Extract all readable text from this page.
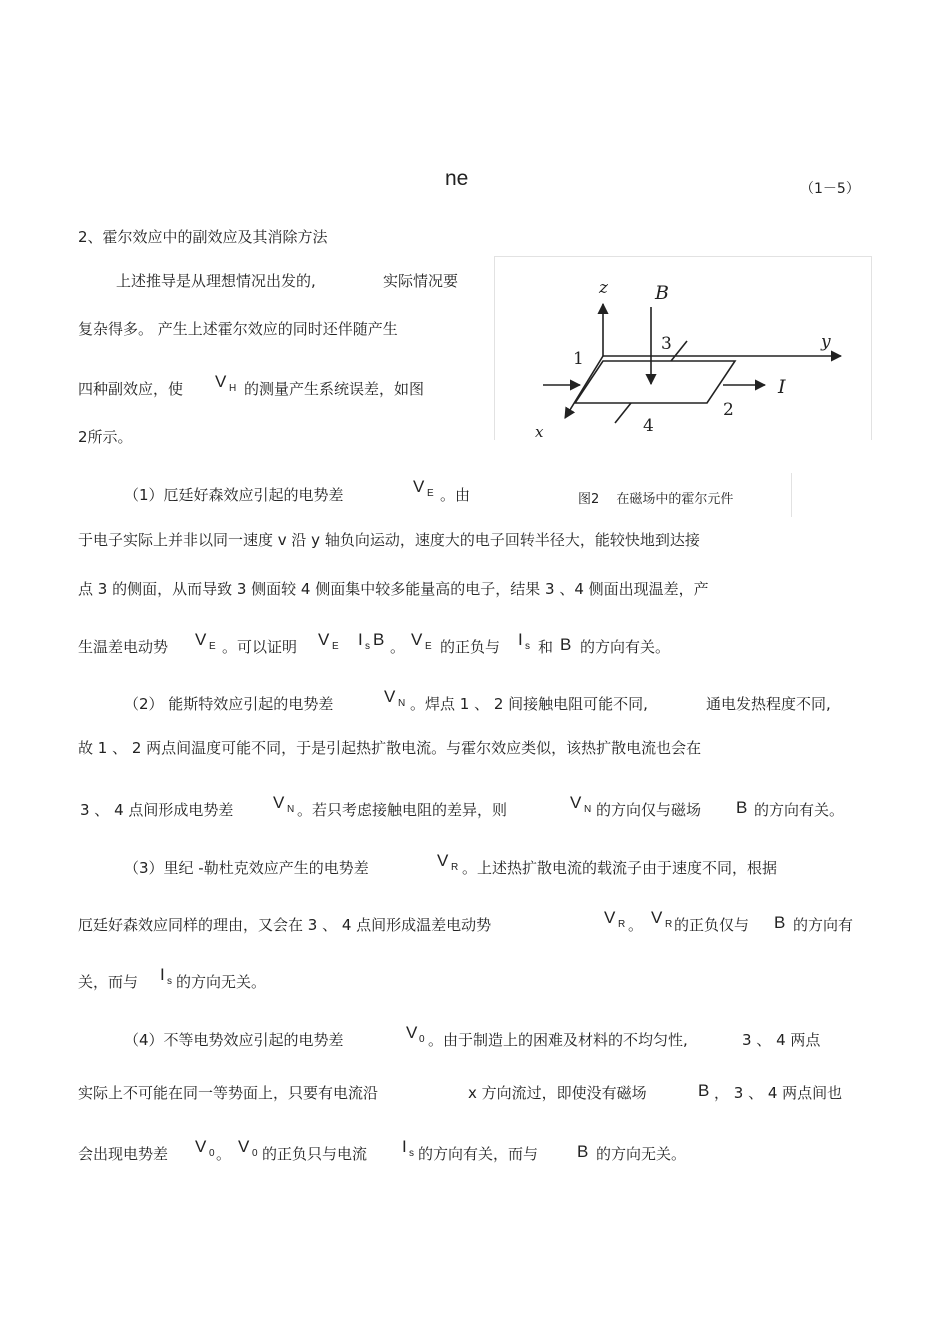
ne	（1－5）
2、霍尔效应中的副效应及其消除方法
上述推导是从理想情况出发的,	实际情况要
复杂得多。 产生上述霍尔效应的同时还伴随产生
四种副效应，使 V H 的测量产生系统误差，如图
2所示。
z B
y
x
I
1
2
3
4
图2　 在磁场中的霍尔元件
（1）厄廷好森效应引起的电势差	V E 。由
于电子实际上并非以同一速度 v 沿 y 轴负向运动，速度大的电子回转半径大，能较快地到达接
点 3 的侧面，从而导致 3 侧面较 4 侧面集中较多能量高的电子，结果 3 、4 侧面出现温差，产
生温差电动势 V E 。可以证明 V E I s B 。 V E 的正负与 I s 和 B 的方向有关。
（2） 能斯特效应引起的电势差	V N 。焊点 1 、 2 间接触电阻可能不同,	通电发热程度不同,
故 1 、 2 两点间温度可能不同，于是引起热扩散电流。与霍尔效应类似，该热扩散电流也会在
3 、 4 点间形成电势差 V N 。若只考虑接触电阻的差异，则	V N 的方向仅与磁场 B 的方向有关。
（3）里纪 -勒杜克效应产生的电势差	V R 。上述热扩散电流的载流子由于速度不同，根据
厄廷好森效应同样的理由，又会在 3 、 4 点间形成温差电动势	V R 。 V R 的正负仅与 B 的方向有
关，而与 I s 的方向无关。
（4）不等电势效应引起的电势差	V 0 。由于制造上的困难及材料的不均匀性,	3 、 4 两点
实际上不可能在同一等势面上，只要有电流沿	x 方向流过，即使没有磁场	B ， 3 、 4 两点间也
会出现电势差 V 0 。 V 0 的正负只与电流 I s 的方向有关，而与 B 的方向无关。
